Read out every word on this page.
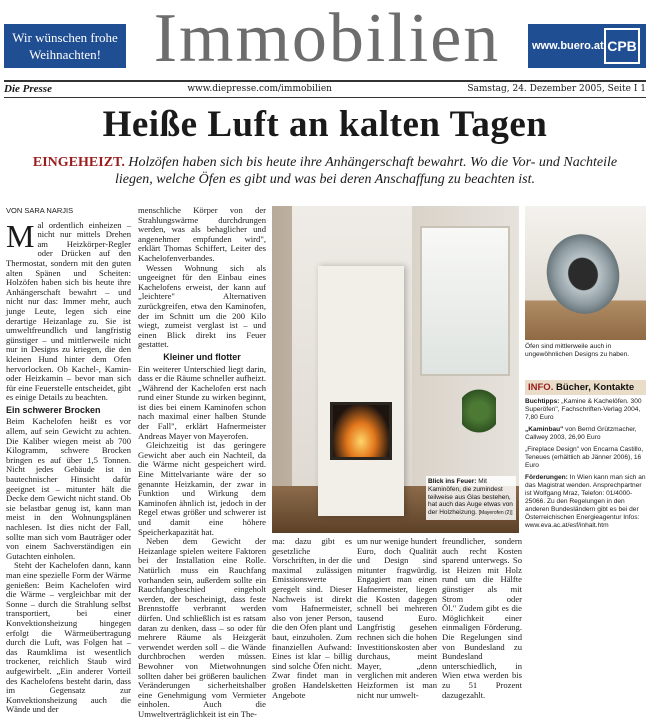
Wir wünschen frohe Weihnachten! Immobilien	www.buero.at CPB
Die Presse	www.diepresse.com/immobilien	Samstag, 24. Dezember 2005, Seite I 1
Heiße Luft an kalten Tagen
EINGEHEIZT. Holzöfen haben sich bis heute ihre Anhängerschaft bewahrt. Wo die Vor- und Nachteile liegen, welche Öfen es gibt und was bei deren Anschaffung zu beachten ist.
VON SARA NARJIS

Mal ordentlich einheizen – nicht nur mittels Drehen am Heizkörper-Regler oder Drücken auf den Thermostat, sondern mit den guten alten Spänen und Scheiten: Holzöfen haben sich bis heute ihre Anhängerschaft bewahrt – und nicht nur das: Immer mehr, auch junge Leute, legen sich eine derartige Heizanlage zu. Sie ist umweltfreundlich und langfristig günstiger – und mittlerweile nicht nur in Designs zu kriegen, die den kleinen Hund hinter dem Ofen hervorlocken. Ob Kachel-, Kamin-oder Heizkamin – bevor man sich für eine Feuerstelle entscheidet, gibt es einige Details zu beachten.

Ein schwerer Brocken

Beim Kachelofen heißt es vor allem, auf sein Gewicht zu achten. Die Kaliber wiegen meist ab 700 Kilogramm, schwere Brocken bringen es auf über 1,5 Tonnen. Nicht jedes Gebäude ist in bautechnischer Hinsicht dafür geeignet ist – mitunter hält die Decke dem Gewicht nicht stand. Ob sie belastbar genug ist, kann man meist in den Wohnungsplänen nachlesen. Ist dies nicht der Fall, sollte man sich vom Bauträger oder von einem Sachverständigen ein Gutachten einholen.

Steht der Kachelofen dann, kann man eine spezielle Form der Wärme genießen: Beim Kachelofen wird die Wärme – vergleichbar mit der Sonne – durch die Strahlung selbst transportiert, bei einer Konvektionsheizung hingegen erfolgt die Wärmeübertragung durch die Luft, was Folgen hat – das Raumklima ist wesentlich trockener, reichlich Staub wird aufgewirbelt. „Ein anderer Vorteil des Kachelofens besteht darin, dass im Gegensatz zur Konvektionsheizung auch die Wände und der

menschliche Körper von der Strahlungswärme durchdrungen werden, was als behaglicher und angenehmer empfunden wird", erklärt Thomas Schiffert, Leiter des Kachelofenverbandes.

Wessen Wohnung sich als ungeeignet für den Einbau eines Kachelofens erweist, der kann auf „leichtere" Alternativen zurückgreifen, etwa den Kaminofen, der im Schnitt um die 200 Kilo wiegt, zumeist verglast ist – und einen Blick direkt ins Feuer gestattet.

Kleiner und flotter

Ein weiterer Unterschied liegt darin, dass er die Räume schneller aufheizt. „Während der Kachelofen erst nach rund einer Stunde zu wirken beginnt, ist dies bei einem Kaminofen schon nach maximal einer halben Stunde der Fall", erklärt Hafnermeister Andreas Mayer von Mayerofen.

Gleichzeitig ist das geringere Gewicht aber auch ein Nachteil, da die Wärme nicht gespeichert wird. Eine Mittelvariante wäre der so genannte Heizkamin, der zwar in Funktion und Wirkung dem Kaminofen ähnlich ist, jedoch in der Regel etwas größer und schwerer ist und damit eine höhere Speicherkapazität hat.

Neben dem Gewicht der Heizanlage spielen weitere Faktoren bei der Installation eine Rolle. Natürlich muss ein Rauchfang vorhanden sein, außerdem sollte ein Rauchfangbeschied eingeholt werden, der bescheinigt, dass feste Brennstoffe verbrannt werden dürfen. Und schließlich ist es ratsam daran zu denken, dass – so oder für mehrere Räume als Heizgerät verwendet werden soll – die Wände durchbrochen werden müssen. Bewohner von Mietwohnungen sollten daher bei größeren baulichen Veränderungen sicherheitshalber eine Genehmigung vom Vermieter einholen. Auch die Umweltverträglichkeit ist ein The-

Blick ins Feuer: Mit Kaminöfen, die zumindest teilweise aus Glas bestehen, hat auch das Auge etwas von der Holzheizung. [Mayerofen (2)]

ma: dazu gibt es gesetzliche Vorschriften, in der die maximal zulässigen Emissionswerte geregelt sind. Dieser Nachweis ist direkt vom Hafnermeister, also von jener Person, die den Ofen plant und baut, einzuholen. Zum finanziellen Aufwand: Eines ist klar – billig sind solche Öfen nicht. Zwar findet man in großen Handelsketten Angebote

um nur wenige hundert Euro, doch Qualität und Design sind mitunter fragwürdig. Engagiert man einen Hafnermeister, liegen die Kosten dagegen schnell bei mehreren tausend Euro. Langfristig gesehen rechnen sich die hohen Investitionskosten aber durchaus, meint Mayer, „denn verglichen mit anderen Heizformen ist man nicht nur umwelt-

freundlicher, sondern auch recht Kosten sparend unterwegs. So ist Heizen mit Holz rund um die Hälfte günstiger als mit Strom oder Öl." Zudem gibt es die Möglichkeit einer einmaligen Förderung. Die Regelungen sind von Bundesland zu Bundesland unterschiedlich, in Wien etwa werden bis zu 51 Prozent dazugezahlt.

Öfen sind mittlerweile auch in ungewöhnlichen Designs zu haben.
INFO. Bücher, Kontakte

Buchtipps: „Kamine & Kachelöfen. 300 Superöfen", Fachschriften-Verlag 2004, 7,80 Euro

„Kaminbau" von Bernd Grützmacher, Callwey 2003, 26,90 Euro

„Fireplace Design" von Encarna Castillo, Teneues (erhältlich ab Jänner 2006), 16 Euro

Förderungen: In Wien kann man sich an das Magistrat wenden. Ansprechpartner ist Wolfgang Mraz, Telefon: 01/4000-25066. Zu den Regelungen in den anderen Bundesländern gibt es bei der Österreichischen Energieagentur Infos: www.eva.ac.at/esf/inhalt.htm
